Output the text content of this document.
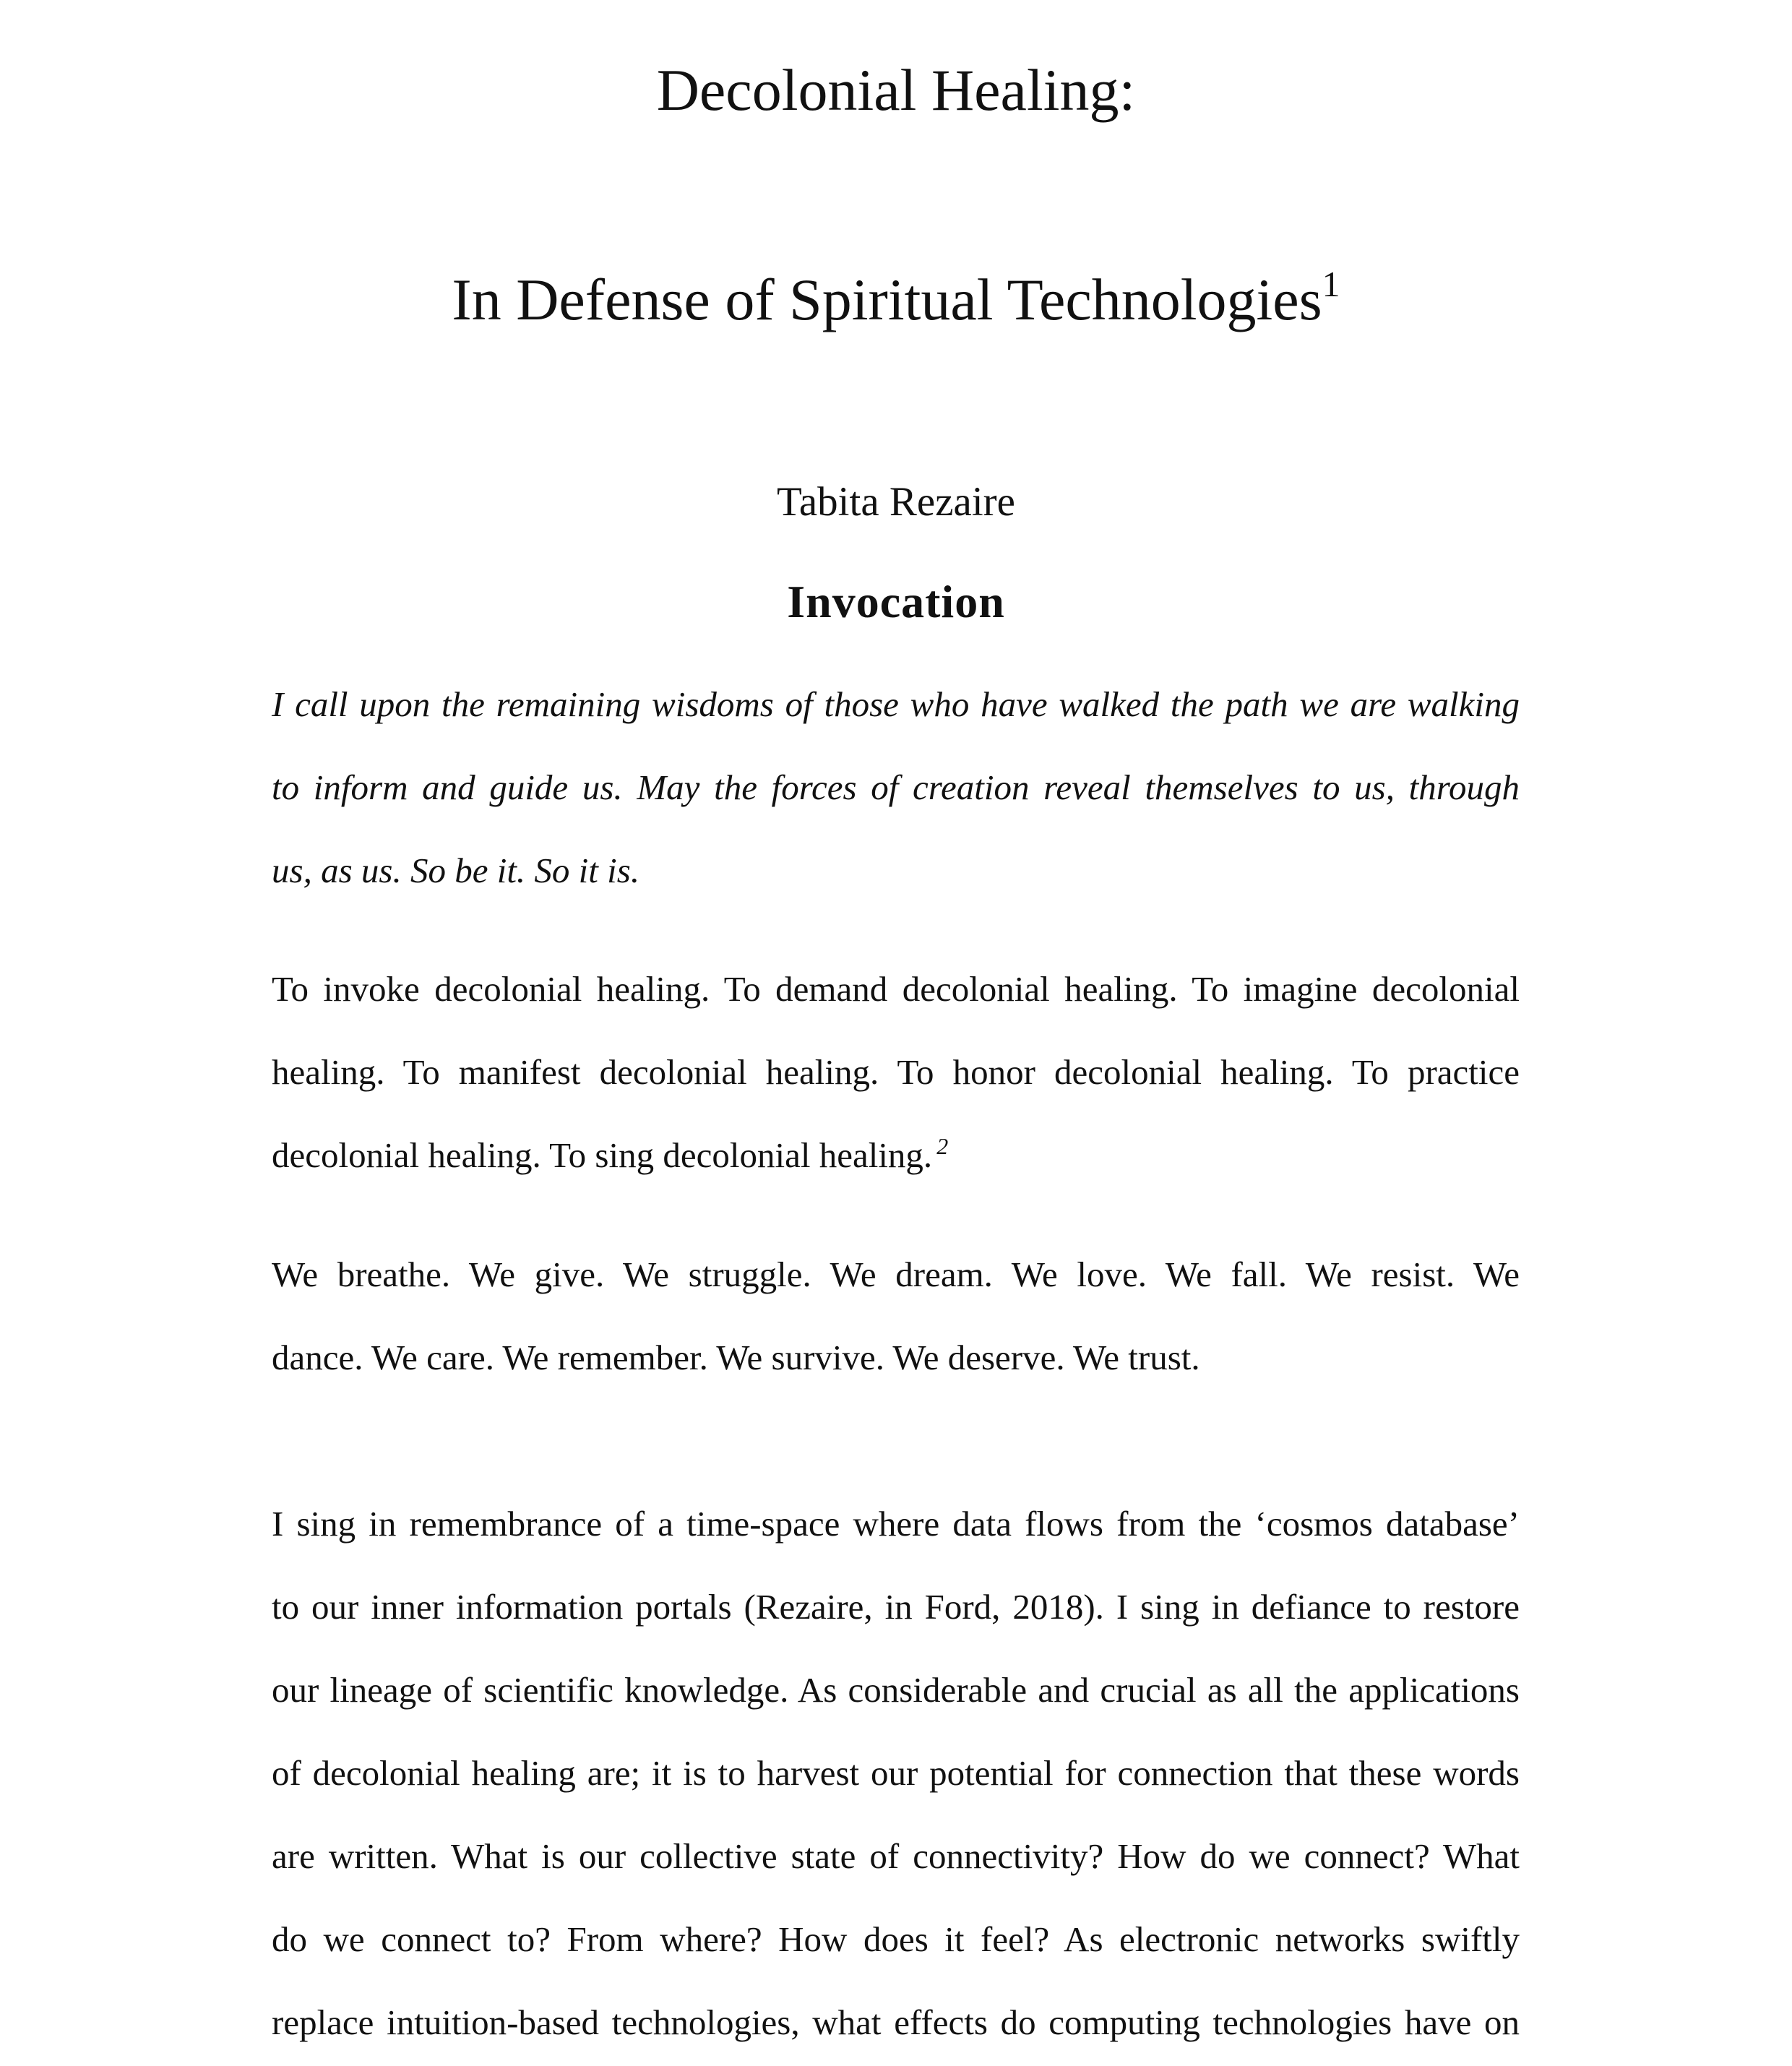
Decolonial Healing:
In Defense of Spiritual Technologies$^1$
Tabita Rezaire
Invocation
I call upon the remaining wisdoms of those who have walked the path we are walking
to inform and guide us. May the forces of creation reveal themselves to us, through
us, as us. So be it. So it is.
To invoke decolonial healing. To demand decolonial healing. To imagine decolonial
healing. To manifest decolonial healing. To honor decolonial healing. To practice
decolonial healing. To sing decolonial healing. $^2$
We breathe. We give. We struggle. We dream. We love. We fall. We resist. We
dance. We care. We remember. We survive. We deserve. We trust.
I sing in remembrance of a time-space where data flows from the ‘cosmos database’
to our inner information portals (Rezaire, in Ford, 2018). I sing in defiance to restore
our lineage of scientific knowledge. As considerable and crucial as all the applications
of decolonial healing are; it is to harvest our potential for connection that these words
are written. What is our collective state of connectivity? How do we connect? What
do we connect to? From where? How does it feel? As electronic networks swiftly
replace intuition-based technologies, what effects do computing technologies have on
